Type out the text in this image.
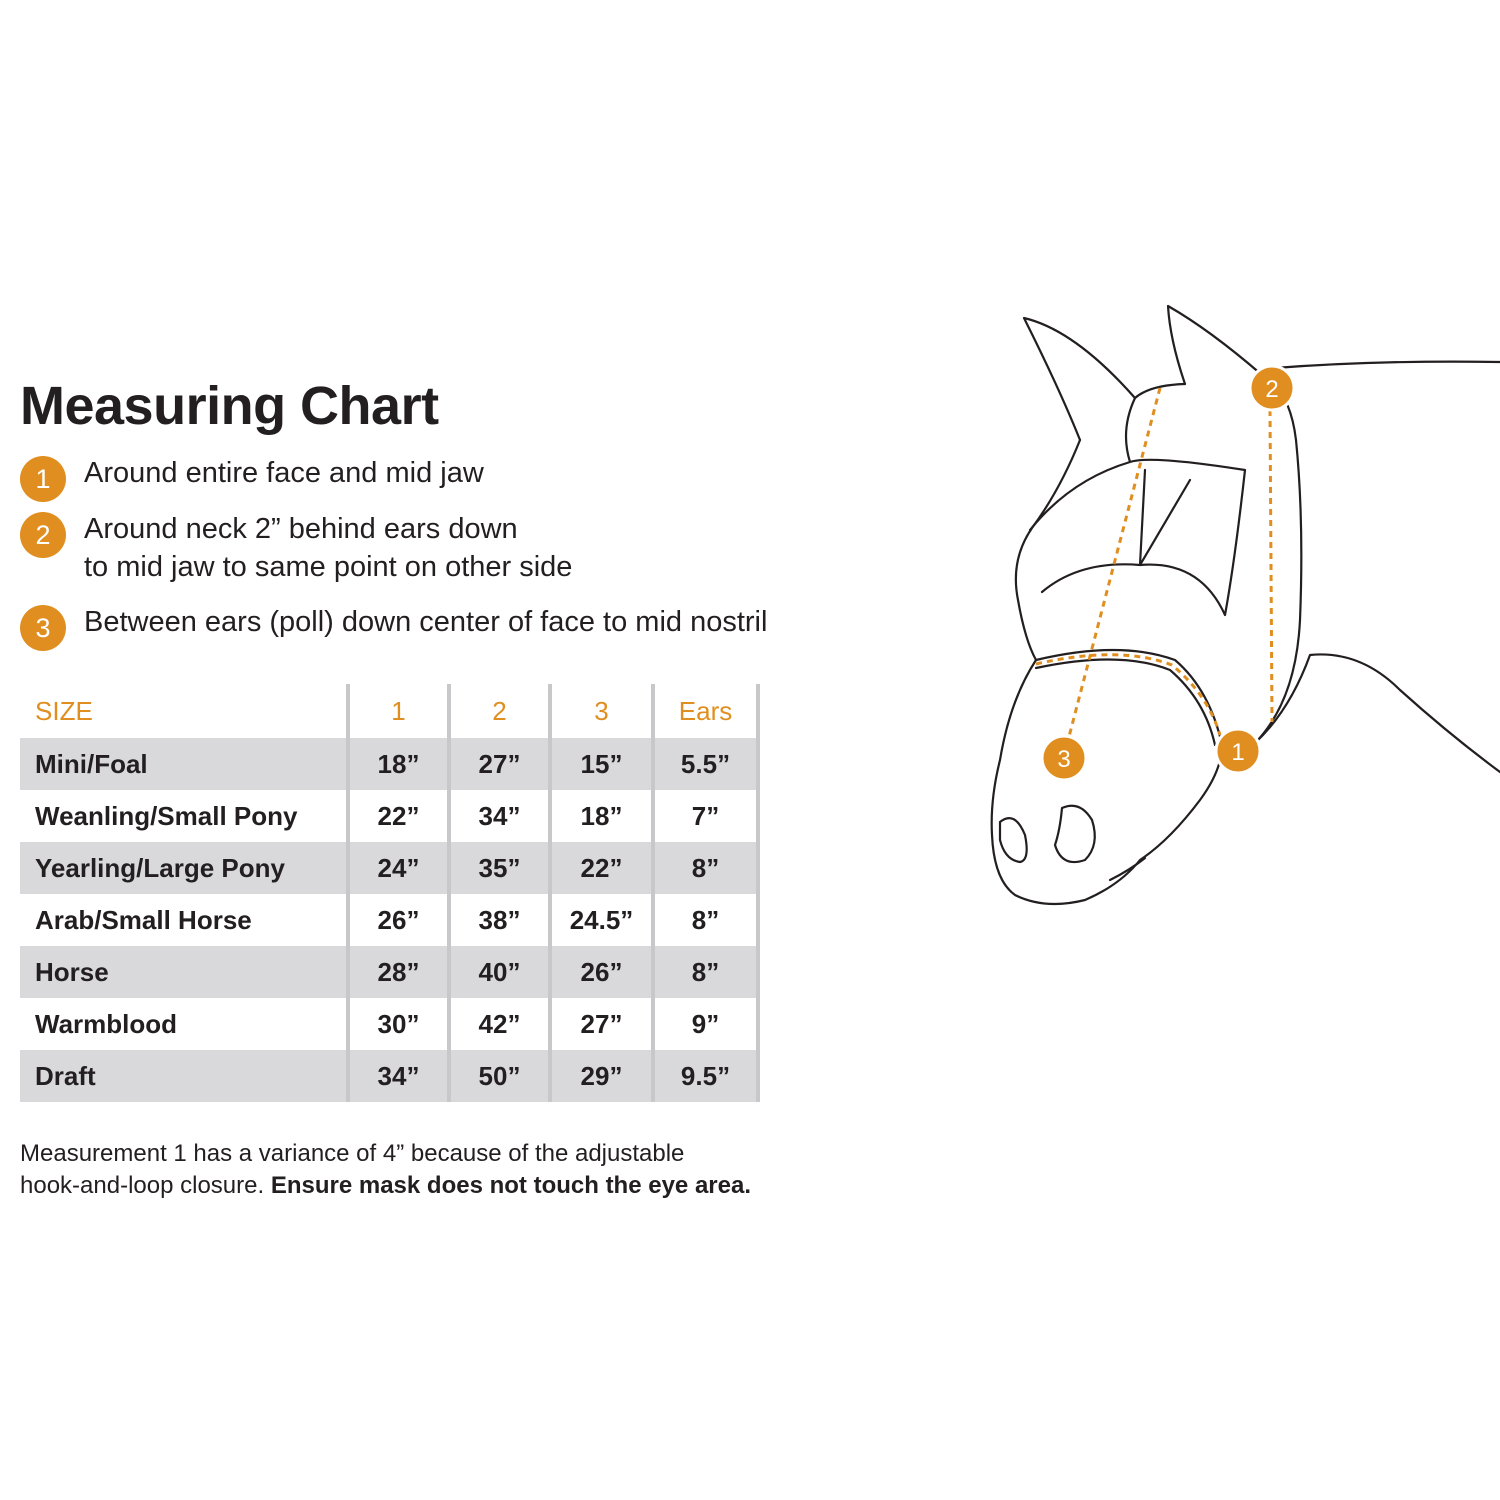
Measuring Chart
1	Around entire face and mid jaw
2	Around neck 2” behind ears down
to mid jaw to same point on other side
3	Between ears (poll) down center of face to mid nostril
SIZE	1	2	3	Ears
Mini/Foal	18”	27”	15”	5.5”
Weanling/Small Pony	22”	34”	18”	7”
Yearling/Large Pony	24”	35”	22”	8”
Arab/Small Horse	26”	38”	24.5”	8”
Horse	28”	40”	26”	8”
Warmblood	30”	42”	27”	9”
Draft	34”	50”	29”	9.5”
Measurement 1 has a variance of 4” because of the adjustable
hook-and-loop closure. Ensure mask does not touch the eye area.
1
2
3
